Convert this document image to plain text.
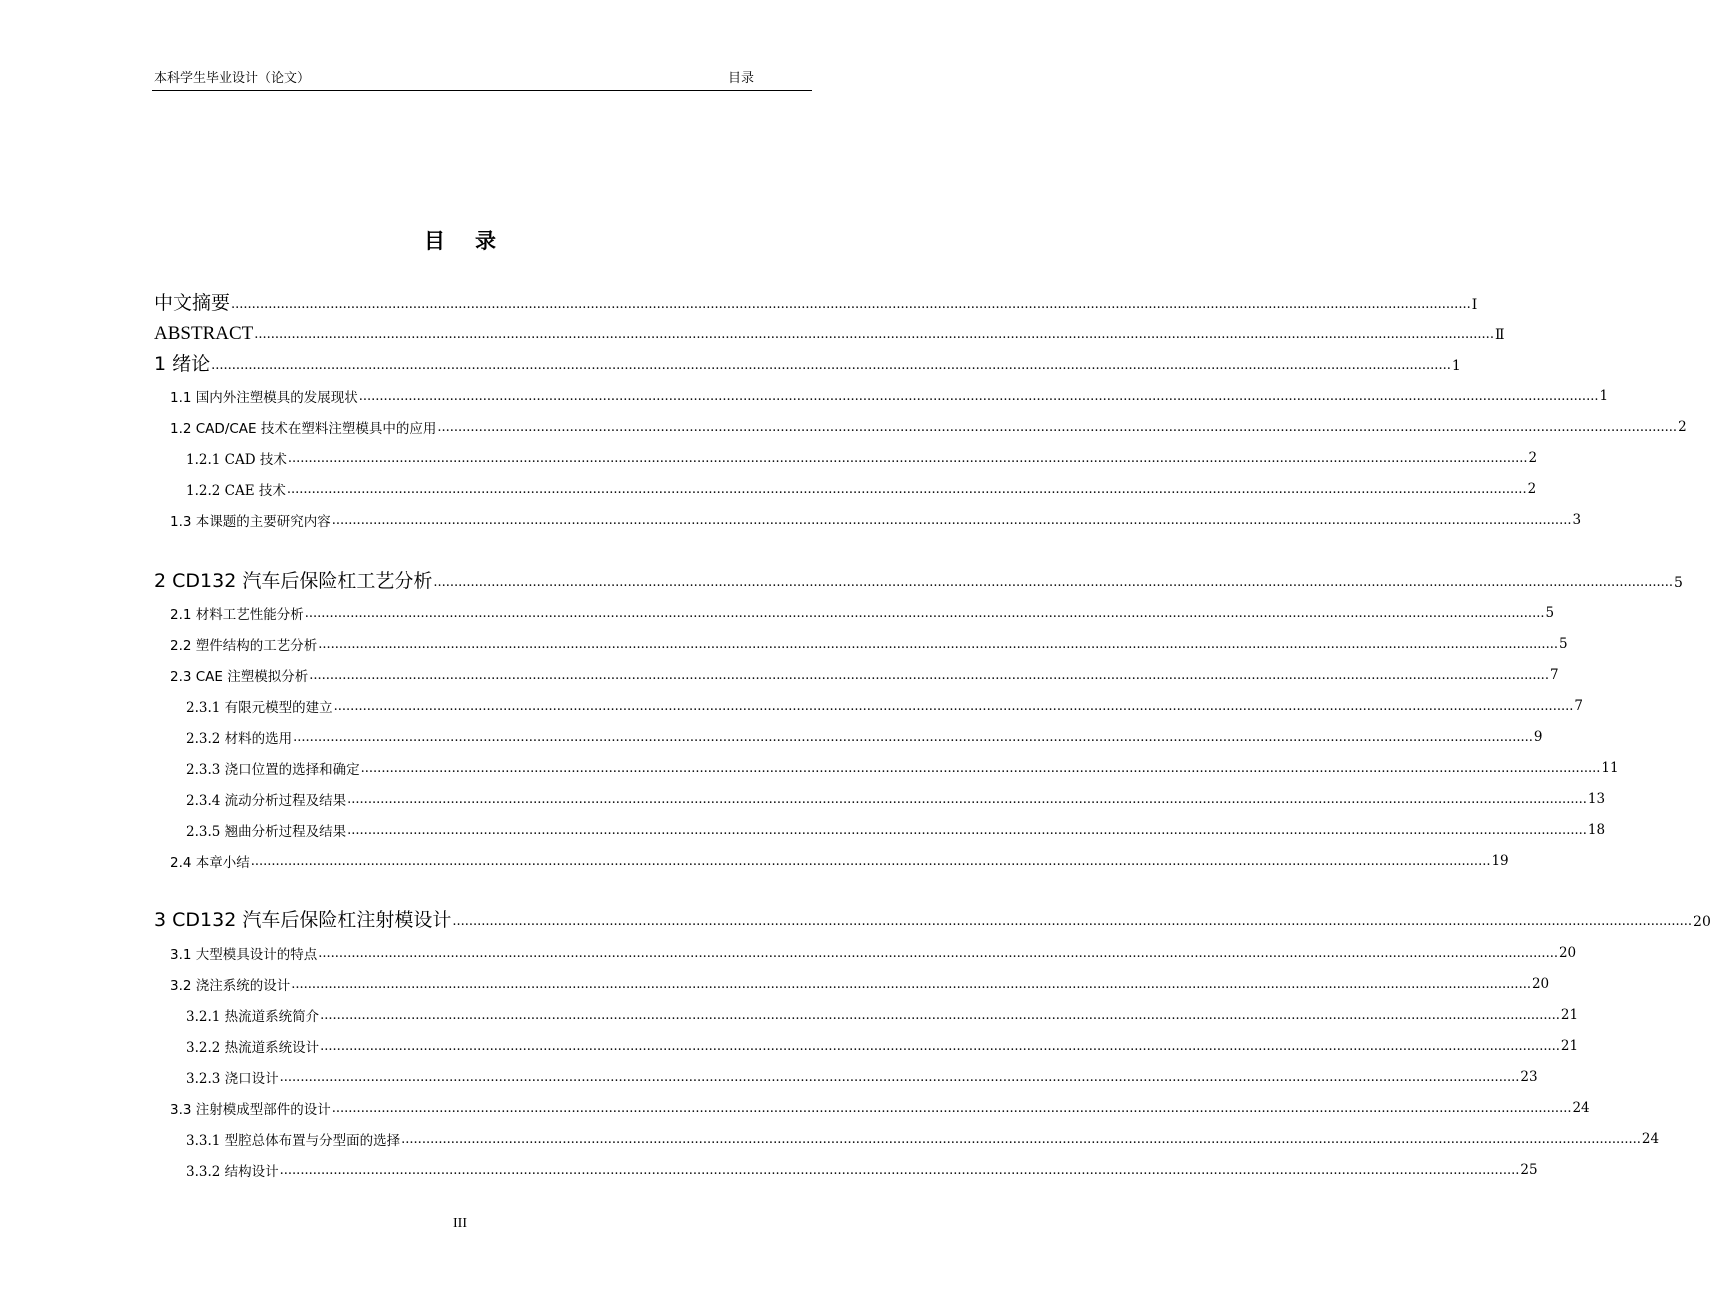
本科学生毕业设计（论文）	目录
目录
中文摘要 ............................................................................................................................................................................................................................................................................................................ Ⅰ
ABSTRACT ............................................................................................................................................................................................................................................................................................................ Ⅱ
1 绪论 ............................................................................................................................................................................................................................................................................................................ 1
1.1 国内外注塑模具的发展现状 ............................................................................................................................................................................................................................................................................................................ 1
1.2 CAD/CAE 技术在塑料注塑模具中的应用 ............................................................................................................................................................................................................................................................................................................ 2
1.2.1 CAD 技术 ............................................................................................................................................................................................................................................................................................................ 2
1.2.2 CAE 技术 ............................................................................................................................................................................................................................................................................................................ 2
1.3 本课题的主要研究内容 ............................................................................................................................................................................................................................................................................................................ 3
2 CD132 汽车后保险杠工艺分析 ............................................................................................................................................................................................................................................................................................................ 5
2.1 材料工艺性能分析 ............................................................................................................................................................................................................................................................................................................ 5
2.2 塑件结构的工艺分析 ............................................................................................................................................................................................................................................................................................................ 5
2.3 CAE 注塑模拟分析 ............................................................................................................................................................................................................................................................................................................ 7
2.3.1 有限元模型的建立 ............................................................................................................................................................................................................................................................................................................ 7
2.3.2 材料的选用 ............................................................................................................................................................................................................................................................................................................ 9
2.3.3 浇口位置的选择和确定 ............................................................................................................................................................................................................................................................................................................ 11
2.3.4 流动分析过程及结果 ............................................................................................................................................................................................................................................................................................................ 13
2.3.5 翘曲分析过程及结果 ............................................................................................................................................................................................................................................................................................................ 18
2.4 本章小结 ............................................................................................................................................................................................................................................................................................................ 19
3 CD132 汽车后保险杠注射模设计 ............................................................................................................................................................................................................................................................................................................ 20
3.1 大型模具设计的特点 ............................................................................................................................................................................................................................................................................................................ 20
3.2 浇注系统的设计 ............................................................................................................................................................................................................................................................................................................ 20
3.2.1 热流道系统简介 ............................................................................................................................................................................................................................................................................................................ 21
3.2.2 热流道系统设计 ............................................................................................................................................................................................................................................................................................................ 21
3.2.3 浇口设计 ............................................................................................................................................................................................................................................................................................................ 23
3.3 注射模成型部件的设计 ............................................................................................................................................................................................................................................................................................................ 24
3.3.1 型腔总体布置与分型面的选择 ............................................................................................................................................................................................................................................................................................................ 24
3.3.2 结构设计 ............................................................................................................................................................................................................................................................................................................ 25
III
